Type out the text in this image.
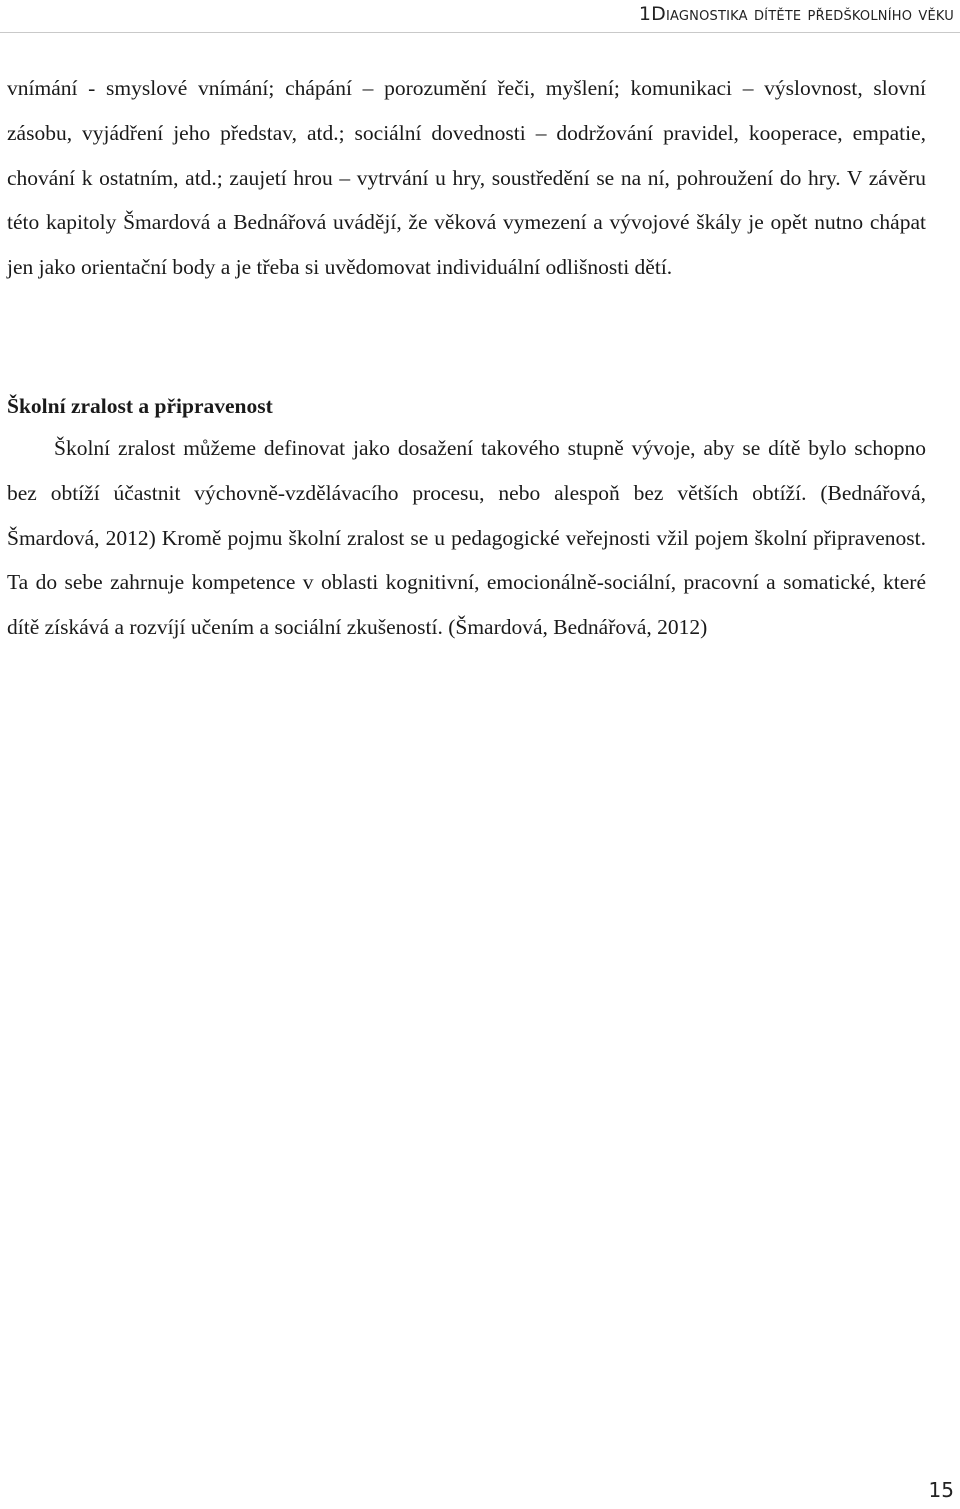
1Diagnostika dítěte předškolního věku

vnímání - smyslové vnímání; chápání – porozumění řeči, myšlení; komunikaci – výslovnost, slovní zásobu, vyjádření jeho představ, atd.; sociální dovednosti – dodržování pravidel, kooperace, empatie, chování k ostatním, atd.; zaujetí hrou – vytrvání u hry, soustředění se na ní, pohroužení do hry. V závěru této kapitoly Šmardová a Bednářová uvádějí, že věková vymezení a vývojové škály je opět nutno chápat jen jako orientační body a je třeba si uvědomovat individuální odlišnosti dětí.

Školní zralost a připravenost

Školní zralost můžeme definovat jako dosažení takového stupně vývoje, aby se dítě bylo schopno bez obtíží účastnit výchovně-vzdělávacího procesu, nebo alespoň bez větších obtíží. (Bednářová, Šmardová, 2012) Kromě pojmu školní zralost se u pedagogické veřejnosti vžil pojem školní připravenost. Ta do sebe zahrnuje kompetence v oblasti kognitivní, emocionálně-sociální, pracovní a somatické, které dítě získává a rozvíjí učením a sociální zkušeností. (Šmardová, Bednářová, 2012)

15
